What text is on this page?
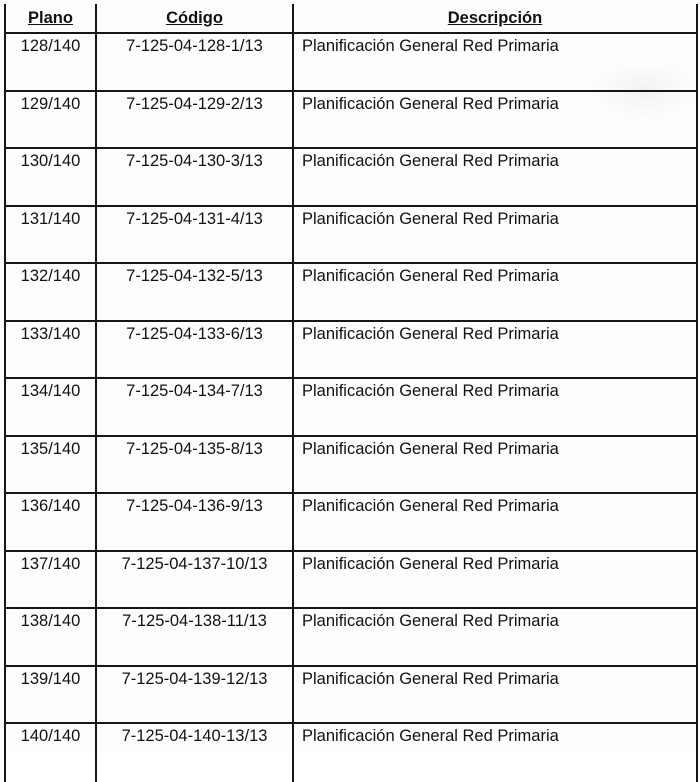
Plano	Código	Descripción
128/140	7-125-04-128-1/13	Planificación General Red Primaria
129/140	7-125-04-129-2/13	Planificación General Red Primaria
130/140	7-125-04-130-3/13	Planificación General Red Primaria
131/140	7-125-04-131-4/13	Planificación General Red Primaria
132/140	7-125-04-132-5/13	Planificación General Red Primaria
133/140	7-125-04-133-6/13	Planificación General Red Primaria
134/140	7-125-04-134-7/13	Planificación General Red Primaria
135/140	7-125-04-135-8/13	Planificación General Red Primaria
136/140	7-125-04-136-9/13	Planificación General Red Primaria
137/140	7-125-04-137-10/13	Planificación General Red Primaria
138/140	7-125-04-138-11/13	Planificación General Red Primaria
139/140	7-125-04-139-12/13	Planificación General Red Primaria
140/140	7-125-04-140-13/13	Planificación General Red Primaria
